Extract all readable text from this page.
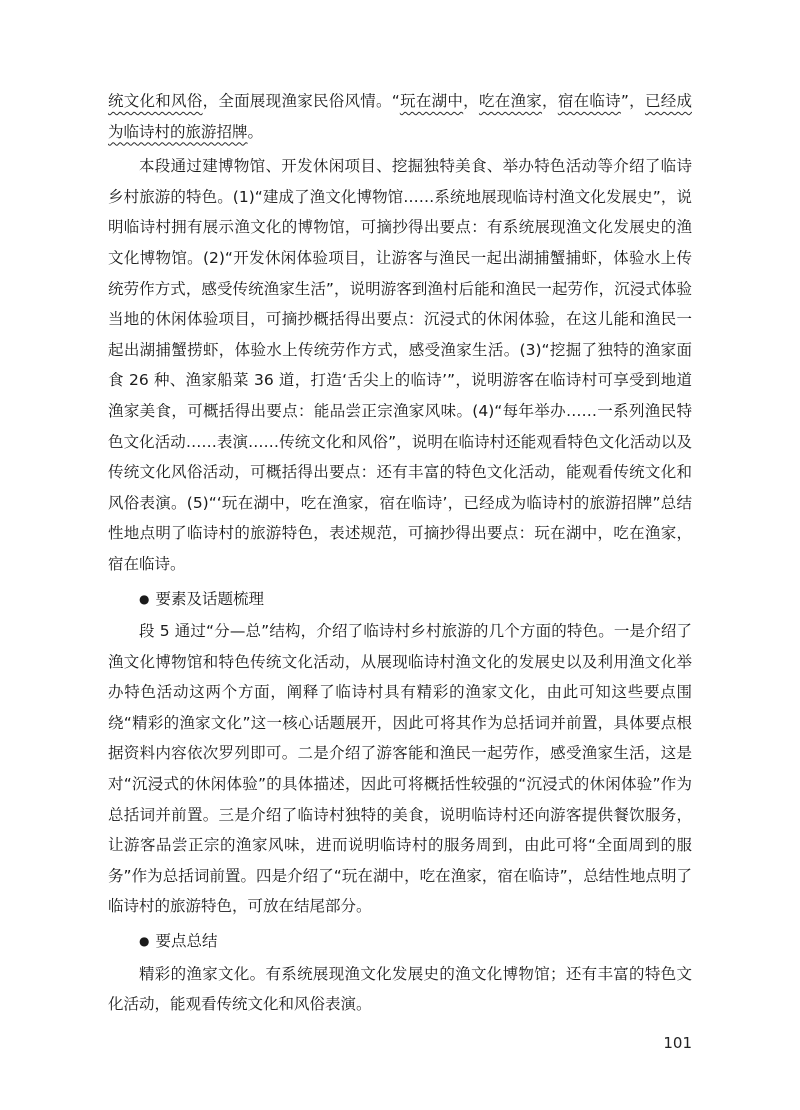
统文化和风俗，全面展现渔家民俗风情。“玩在湖中，吃在渔家，宿在临诗”，已经成为临诗村的旅游招牌。

本段通过建博物馆、开发休闲项目、挖掘独特美食、举办特色活动等介绍了临诗乡村旅游的特色。(1)“建成了渔文化博物馆……系统地展现临诗村渔文化发展史”，说明临诗村拥有展示渔文化的博物馆，可摘抄得出要点：有系统展现渔文化发展史的渔文化博物馆。(2)“开发休闲体验项目，让游客与渔民一起出湖捕蟹捕虾，体验水上传统劳作方式，感受传统渔家生活”，说明游客到渔村后能和渔民一起劳作，沉浸式体验当地的休闲体验项目，可摘抄概括得出要点：沉浸式的休闲体验，在这儿能和渔民一起出湖捕蟹捞虾，体验水上传统劳作方式，感受渔家生活。(3)“挖掘了独特的渔家面食 26 种、渔家船菜 36 道，打造‘舌尖上的临诗’”，说明游客在临诗村可享受到地道渔家美食，可概括得出要点：能品尝正宗渔家风味。(4)“每年举办……一系列渔民特色文化活动……表演……传统文化和风俗”，说明在临诗村还能观看特色文化活动以及传统文化风俗活动，可概括得出要点：还有丰富的特色文化活动，能观看传统文化和风俗表演。(5)“‘玩在湖中，吃在渔家，宿在临诗’，已经成为临诗村的旅游招牌”总结性地点明了临诗村的旅游特色，表述规范，可摘抄得出要点：玩在湖中，吃在渔家，宿在临诗。

● 要素及话题梳理

段 5 通过“分—总”结构，介绍了临诗村乡村旅游的几个方面的特色。一是介绍了渔文化博物馆和特色传统文化活动，从展现临诗村渔文化的发展史以及利用渔文化举办特色活动这两个方面，阐释了临诗村具有精彩的渔家文化，由此可知这些要点围绕“精彩的渔家文化”这一核心话题展开，因此可将其作为总括词并前置，具体要点根据资料内容依次罗列即可。二是介绍了游客能和渔民一起劳作，感受渔家生活，这是对“沉浸式的休闲体验”的具体描述，因此可将概括性较强的“沉浸式的休闲体验”作为总括词并前置。三是介绍了临诗村独特的美食，说明临诗村还向游客提供餐饮服务，让游客品尝正宗的渔家风味，进而说明临诗村的服务周到，由此可将“全面周到的服务”作为总括词前置。四是介绍了“玩在湖中，吃在渔家，宿在临诗”，总结性地点明了临诗村的旅游特色，可放在结尾部分。

● 要点总结

精彩的渔家文化。有系统展现渔文化发展史的渔文化博物馆；还有丰富的特色文化活动，能观看传统文化和风俗表演。

101
